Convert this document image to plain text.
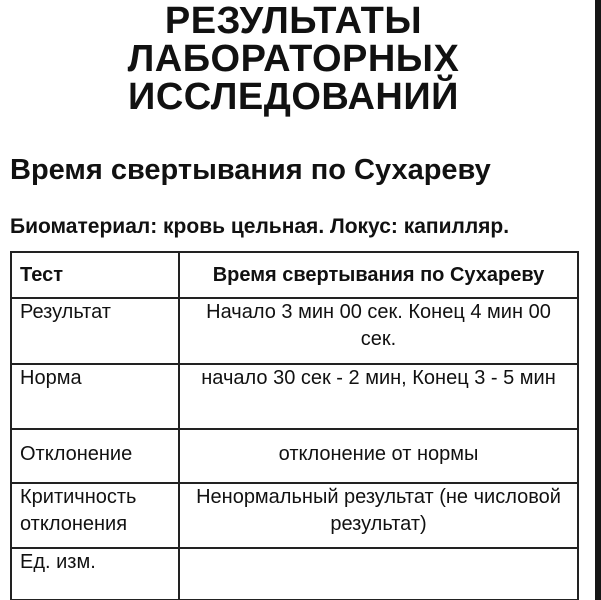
РЕЗУЛЬТАТЫ
ЛАБОРАТОРНЫХ
ИССЛЕДОВАНИЙ
Время свертывания по Сухареву

Биоматериал: кровь цельная. Локус: капилляр.

Тест	Время свертывания по Сухареву
Результат	Начало 3 мин 00 сек. Конец 4 мин 00 сек.
Норма	начало 30 сек - 2 мин, Конец 3 - 5 мин
Отклонение	отклонение от нормы
Критичность отклонения	Ненормальный результат (не числовой результат)
Ед. изм.	
